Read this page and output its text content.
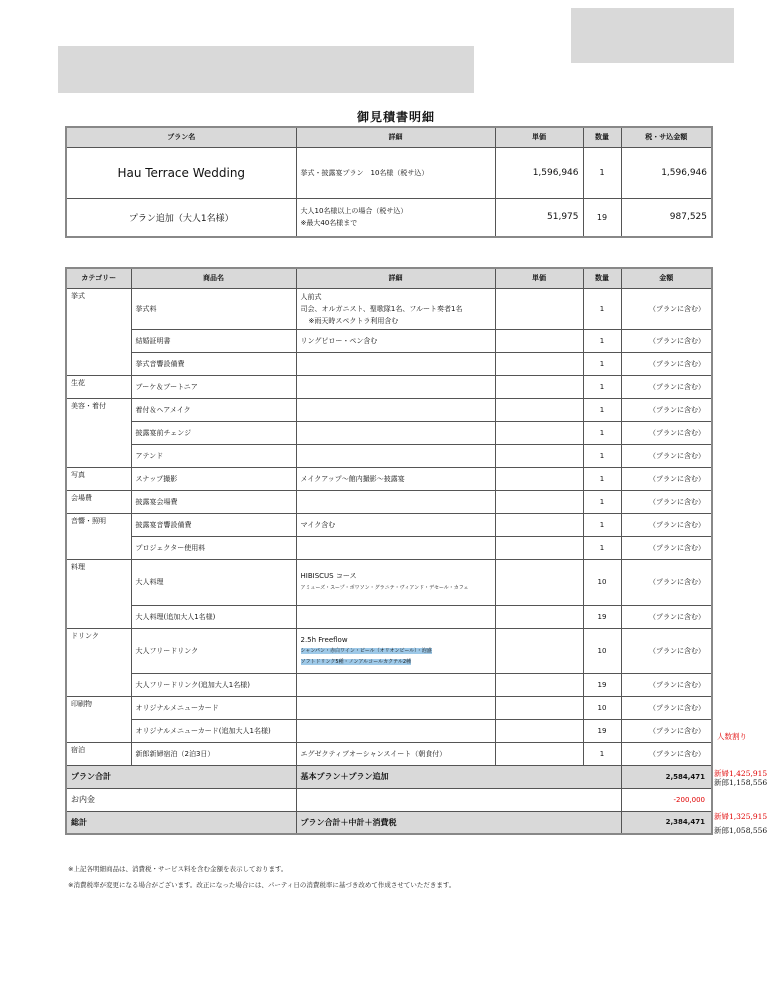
御見積書明細
プラン名	詳細	単価	数量	税・サ込金額
Hau Terrace Wedding	挙式・披露宴プラン　10名様（税サ込）	1,596,946	1	1,596,946
プラン追加（大人1名様）	大人10名様以上の場合（税サ込）
※最大40名様まで	51,975	19	987,525
カテゴリー	商品名	詳細	単価	数量	金額
挙式	挙式料	人前式
司会、オルガニスト、聖歌隊1名、フルート奏者1名
※雨天時スペクトラ利用含む		1	（プランに含む）
	結婚証明書	リングピロー・ペン含む		1	（プランに含む）
	挙式音響設備費			1	（プランに含む）
生花	ブーケ＆ブートニア			1	（プランに含む）
美容・着付	着付＆ヘアメイク			1	（プランに含む）
	披露宴前チェンジ			1	（プランに含む）
	アテンド			1	（プランに含む）
写真	スナップ撮影	メイクアップ～館内撮影～披露宴		1	（プランに含む）
会場費	披露宴会場費			1	（プランに含む）
音響・照明	披露宴音響設備費	マイク含む		1	（プランに含む）
	プロジェクター使用料			1	（プランに含む）
料理	大人料理	HIBISCUS コース
アミューズ・スープ・ポワソン・グラニテ・ヴィアンド・デセール・カフェ		10	（プランに含む）
	大人料理(追加大人1名様)			19	（プランに含む）
ドリンク	大人フリードリンク	2.5h Freeflow
シャンパン・赤白ワイン・ビール（オリオンビール）・泡盛
ソフトドリンク5種・ノンアルコールカクテル2種		10	（プランに含む）
	大人フリードリンク(追加大人1名様)			19	（プランに含む）
印刷物	オリジナルメニューカード			10	（プランに含む）
	オリジナルメニューカード(追加大人1名様)			19	（プランに含む）
宿泊	新郎新婦宿泊（2泊3日）	エグゼクティブオーシャンスイート（朝食付）		1	（プランに含む）
プラン合計		基本プラン＋プラン追加			2,584,471
お内金					-200,000
総計		プラン合計＋中計＋消費税			2,384,471
人数割り
新婦1,425,915
新郎1,158,556
新婦1,325,915
新郎1,058,556
※上記各明細商品は、消費税・サービス料を含む金額を表示しております。
※消費税率が変更になる場合がございます。改正になった場合には、パーティ日の消費税率に基づき改めて作成させていただきます。
